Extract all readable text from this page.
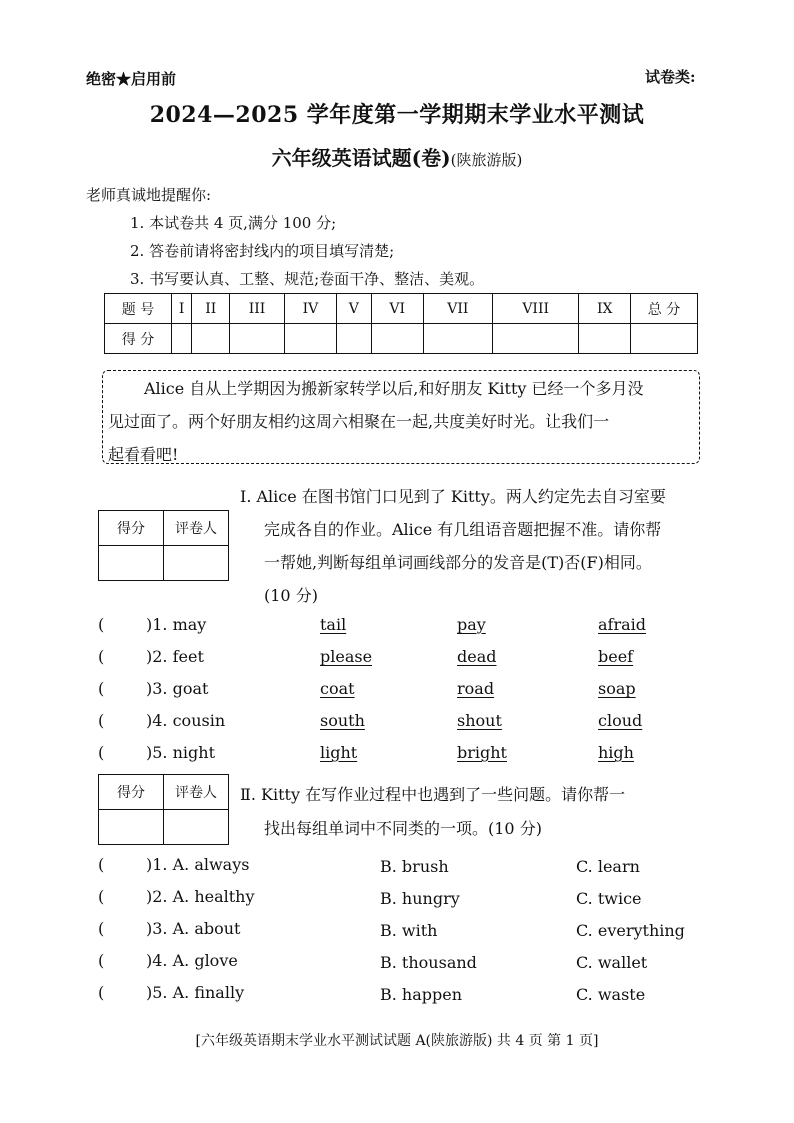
绝密★启用前	试卷类:
2024—2025 学年度第一学期期末学业水平测试
六年级英语试题(卷)(陕旅游版)
老师真诚地提醒你:
1. 本试卷共 4 页,满分 100 分;
2. 答卷前请将密封线内的项目填写清楚;
3. 书写要认真、工整、规范;卷面干净、整洁、美观。
题 号	I	II	III	IV	V	VI	VII	VIII	IX	总 分
得 分										

Alice 自从上学期因为搬新家转学以后,和好朋友 Kitty 已经一个多月没

见过面了。两个好朋友相约这周六相聚在一起,共度美好时光。让我们一
起看看吧!
得分	评卷人

Ⅰ. Alice 在图书馆门口见到了 Kitty。两人约定先去自习室要
完成各自的作业。Alice 有几组语音题把握不准。请你帮
一帮她,判断每组单词画线部分的发音是(T)否(F)相同。
(10 分)
(	)1. may	tail	pay	afraid
(	)2. feet	please	dead	beef
(	)3. goat	coat	road	soap
(	)4. cousin	south	shout	cloud
(	)5. night	light	bright	high
得分	评卷人
	Ⅱ. Kitty 在写作业过程中也遇到了一些问题。请你帮一
找出每组单词中不同类的一项。(10 分)
(	)1. A. always	B. brush	C. learn
(	)2. A. healthy	B. hungry	C. twice
(	)3. A. about	B. with	C. everything
(	)4. A. glove	B. thousand	C. wallet
(	)5. A. finally	B. happen	C. waste
[六年级英语期末学业水平测试试题 A(陕旅游版) 共 4 页 第 1 页]
